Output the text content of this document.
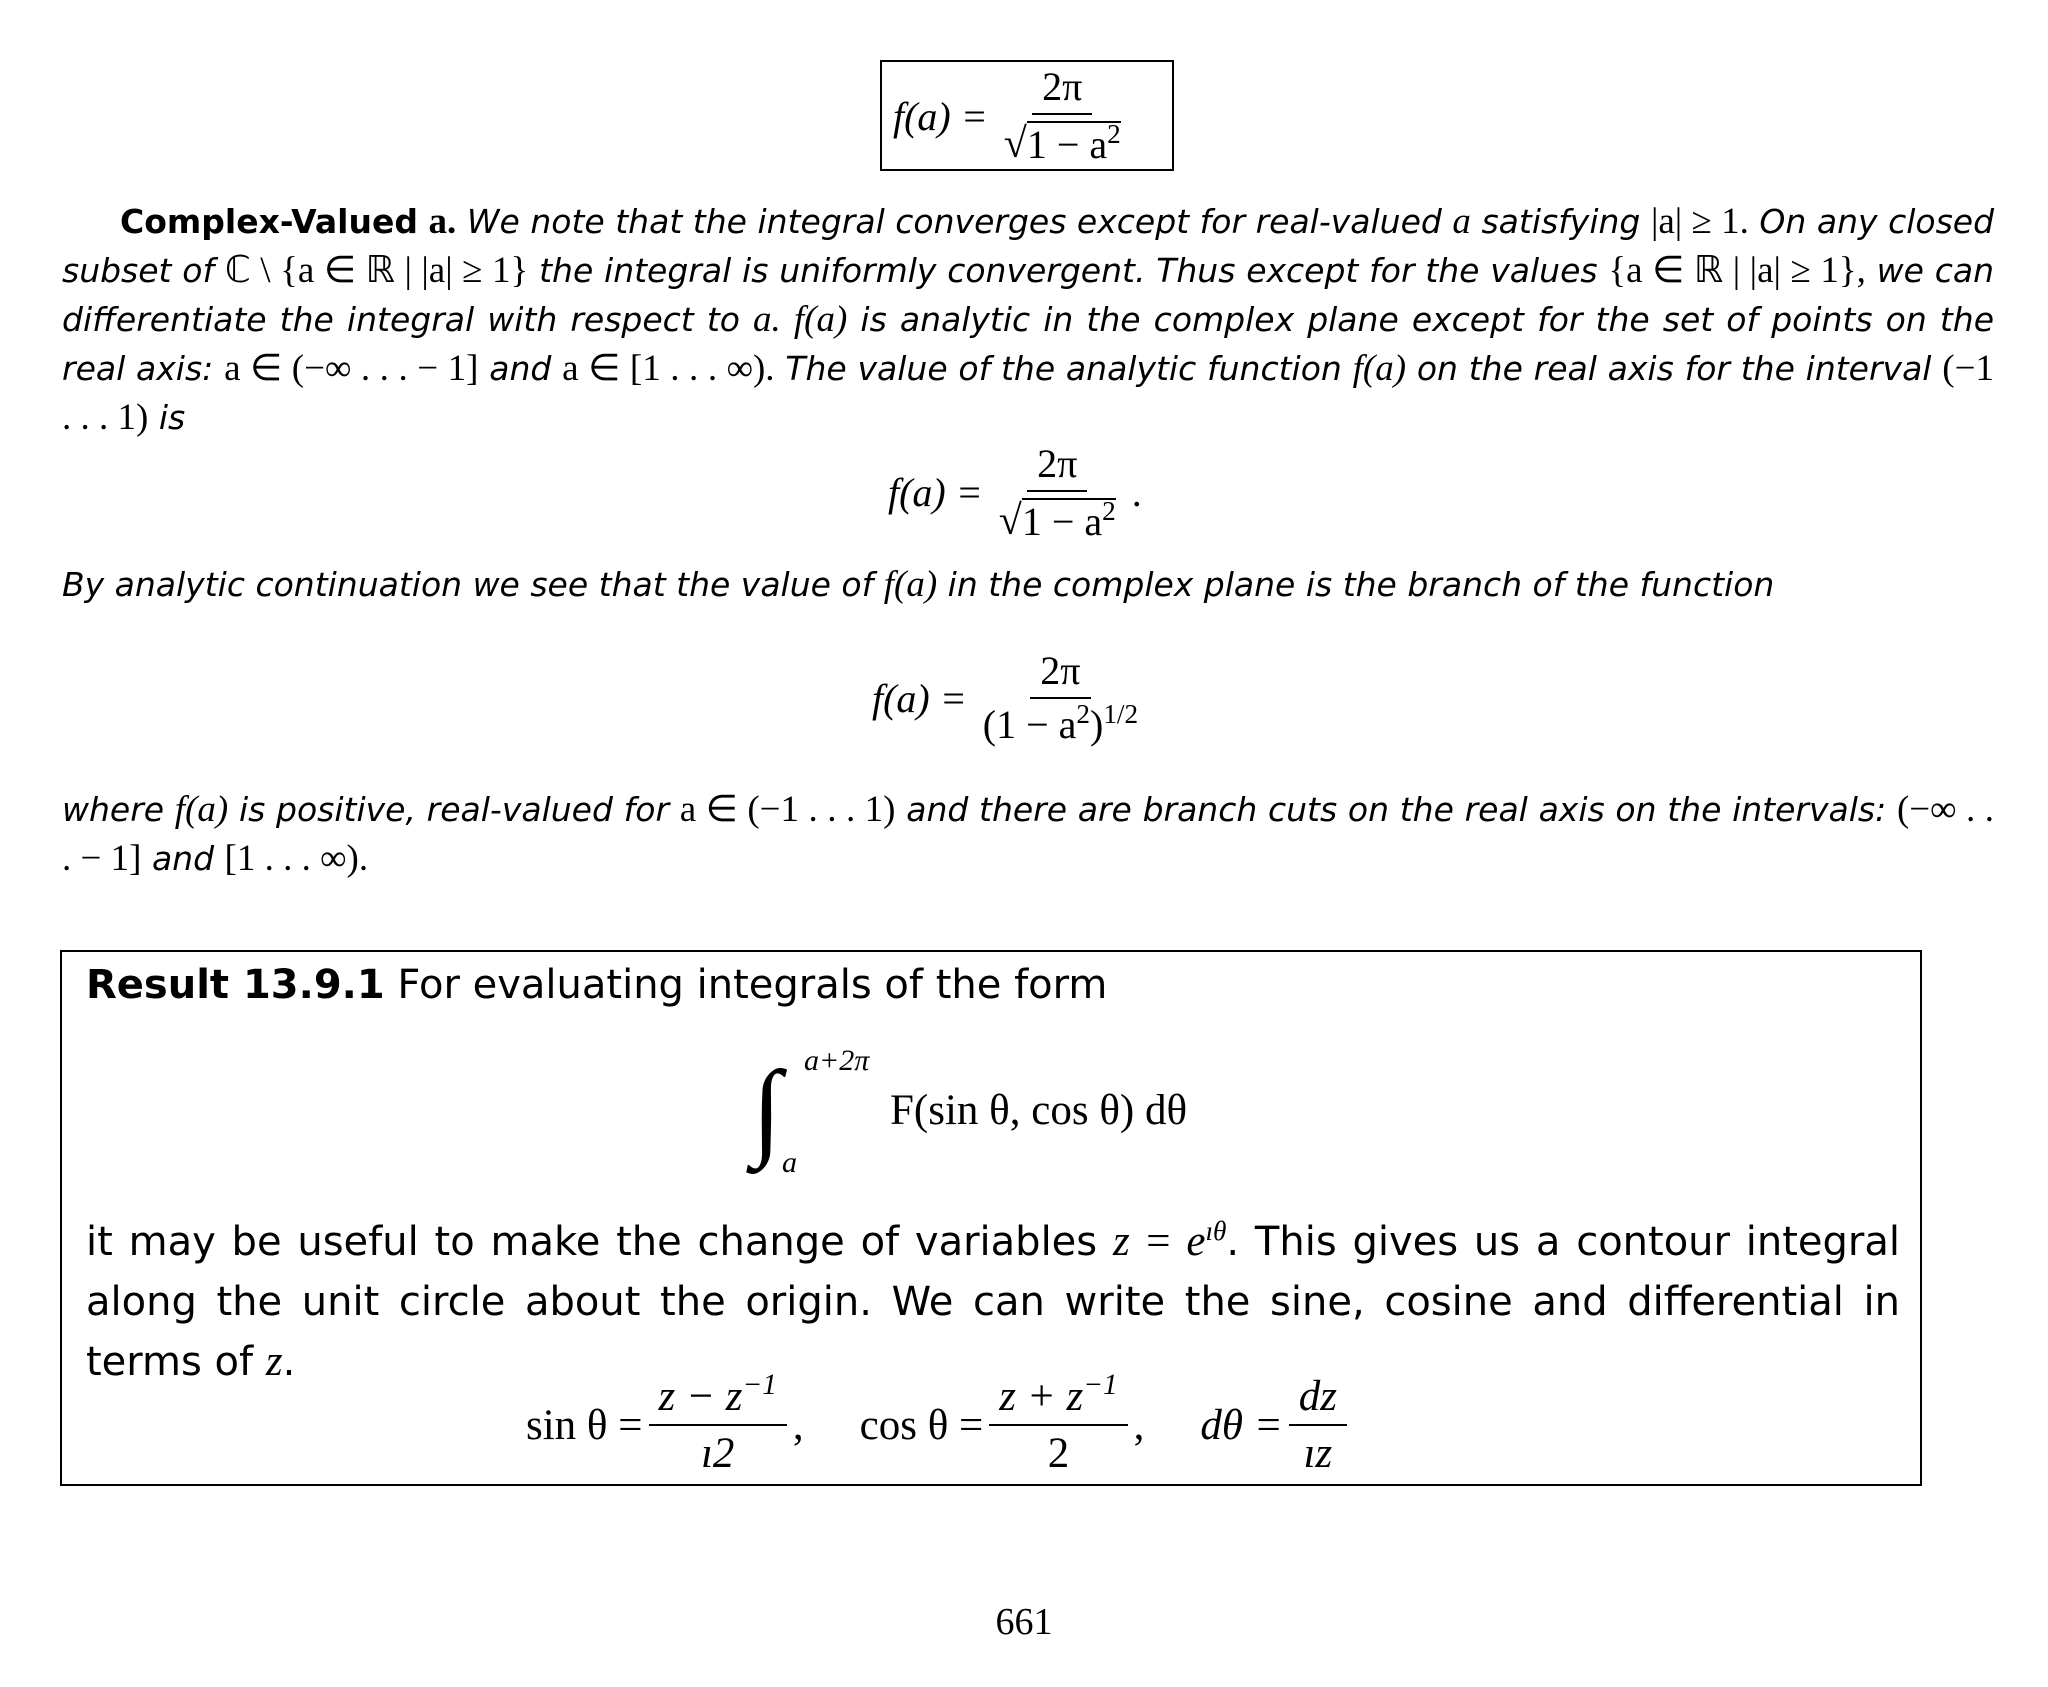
$f(a) = \frac{2\pi}{√ 1 - a^2}$
Complex-Valued a. We note that the integral converges except for real-valued a satisfying |a| ≥ 1. On any closed subset of ℂ \ {a ∈ ℝ | |a| ≥ 1} the integral is uniformly convergent. Thus except for the values {a ∈ ℝ | |a| ≥ 1}, we can differentiate the integral with respect to a. f(a) is analytic in the complex plane except for the set of points on the real axis: a ∈ (−∞ . . . − 1] and a ∈ [1 . . . ∞). The value of the analytic function f(a) on the real axis for the interval (−1 . . . 1) is
$f(a) = \frac{2\pi}{√ 1 - a^2}$ .
By analytic continuation we see that the value of f(a) in the complex plane is the branch of the function
$f(a) = \frac{2\pi}{(1 - a^2)^{1/2}}$
where f(a) is positive, real-valued for a ∈ (−1 . . . 1) and there are branch cuts on the real axis on the intervals: (−∞ . . . − 1] and [1 . . . ∞).
Result 13.9.1 For evaluating integrals of the form
∫ a+2π
a
F(sin θ, cos θ) dθ
it may be useful to make the change of variables $z = e^{ı\theta}$. This gives us a contour integral along the unit circle about the origin. We can write the sine, cosine and differential in terms of z.
$\sin \theta = \frac{z - z^{-1}}{ı2}$ , $\cos \theta = \frac{z + z^{-1}}{2}$ , $d\theta = \frac{dz}{ız}$
661
